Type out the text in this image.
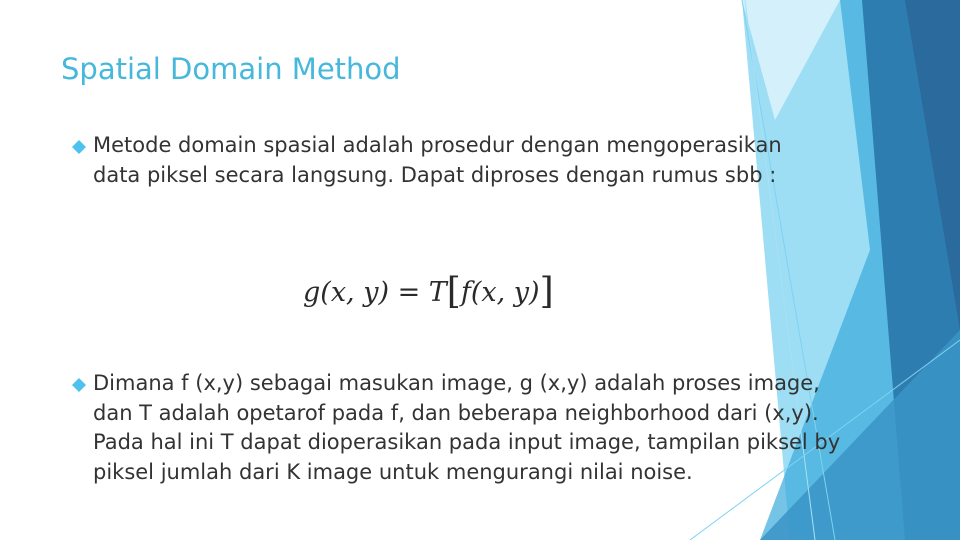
Spatial Domain Method

Metode domain spasial adalah prosedur dengan mengoperasikan data piksel secara langsung. Dapat diproses dengan rumus sbb :

g(x, y) = T [ f(x, y) ]

Dimana f (x,y) sebagai masukan image, g (x,y) adalah proses image, dan T adalah opetarof pada f, dan beberapa neighborhood dari (x,y). Pada hal ini T dapat dioperasikan pada input image, tampilan piksel by piksel jumlah dari K image untuk mengurangi nilai noise.
